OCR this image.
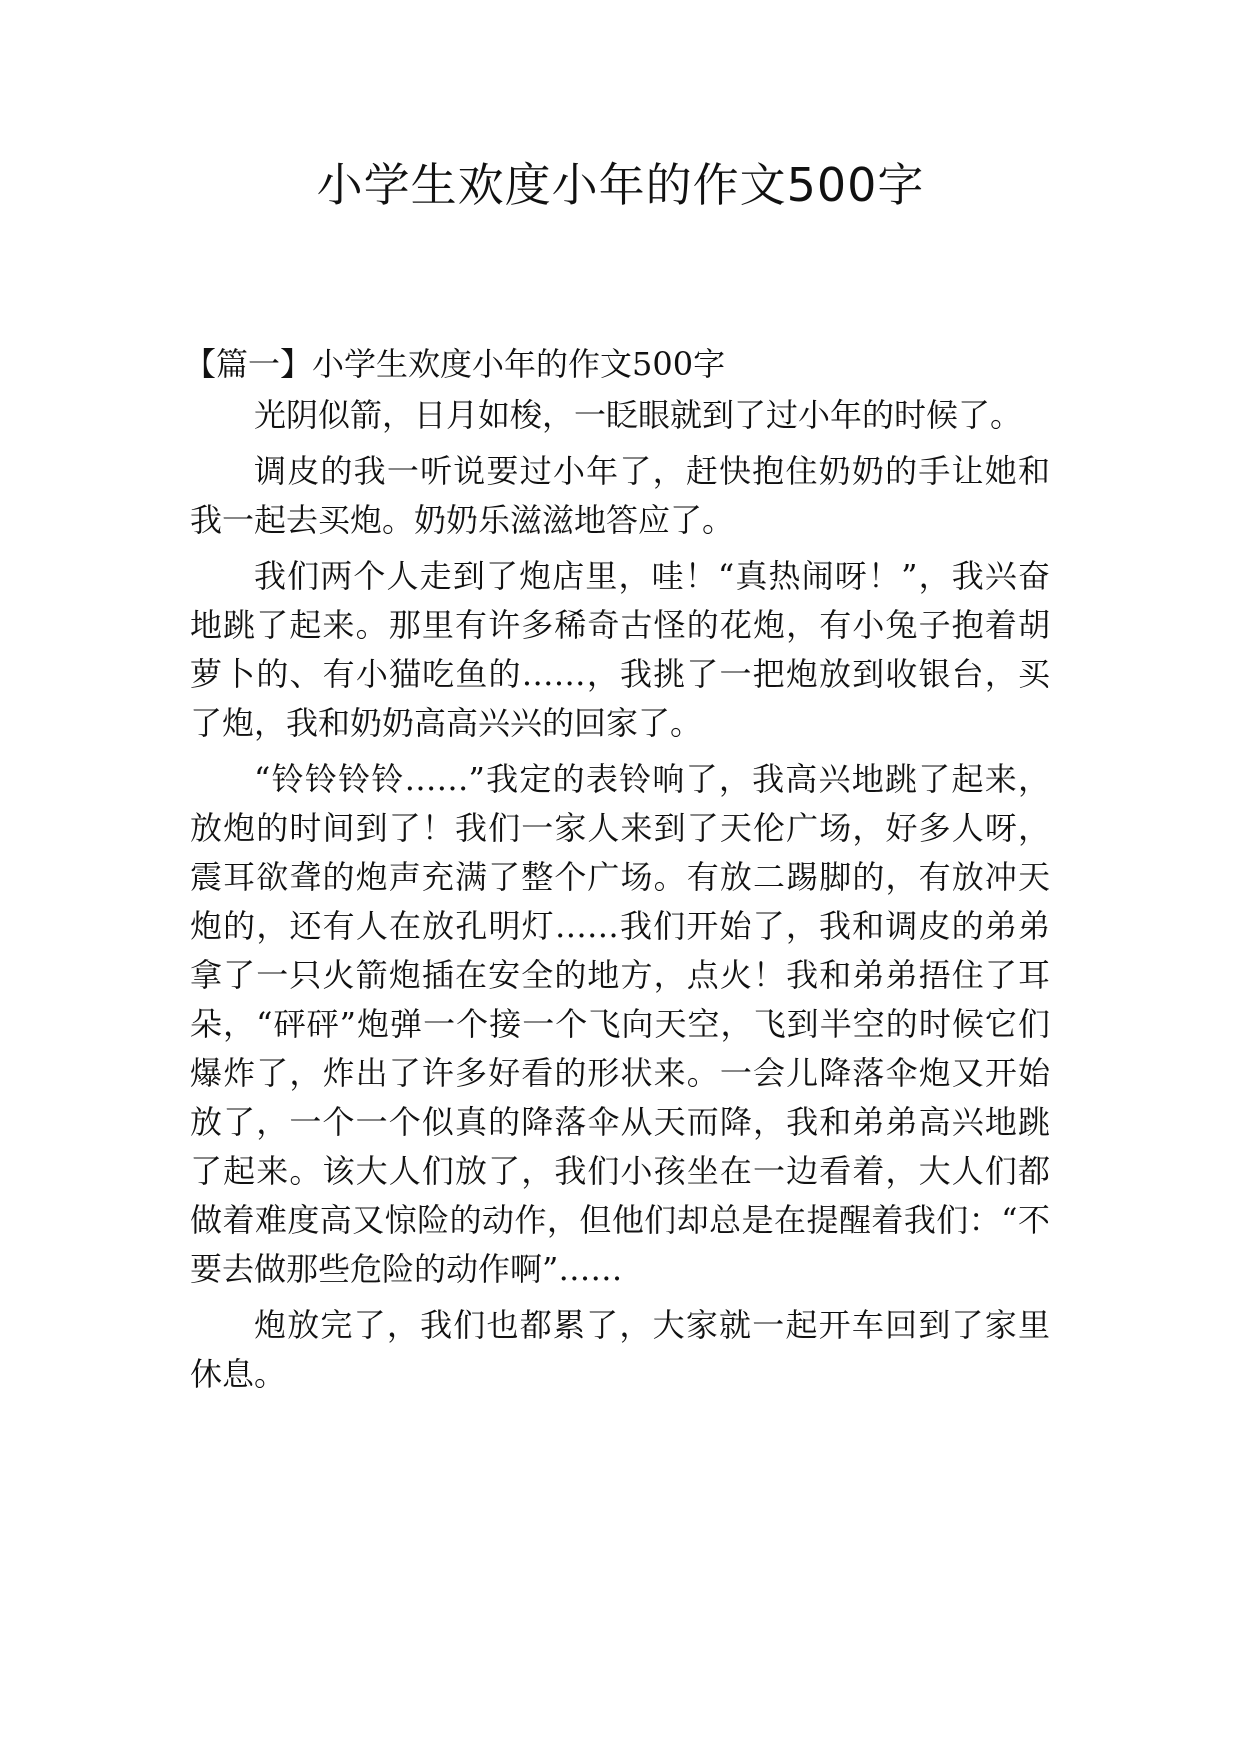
小学生欢度小年的作文500字

【篇一】小学生欢度小年的作文500字

光阴似箭，日月如梭，一眨眼就到了过小年的时候了。

调皮的我一听说要过小年了，赶快抱住奶奶的手让她和我一起去买炮。奶奶乐滋滋地答应了。

我们两个人走到了炮店里，哇！“真热闹呀！”，我兴奋地跳了起来。那里有许多稀奇古怪的花炮，有小兔子抱着胡萝卜的、有小猫吃鱼的……，我挑了一把炮放到收银台，买了炮，我和奶奶高高兴兴的回家了。

“铃铃铃铃……”我定的表铃响了，我高兴地跳了起来，放炮的时间到了！我们一家人来到了天伦广场，好多人呀，震耳欲聋的炮声充满了整个广场。有放二踢脚的，有放冲天炮的，还有人在放孔明灯……我们开始了，我和调皮的弟弟拿了一只火箭炮插在安全的地方，点火！我和弟弟捂住了耳朵，“砰砰”炮弹一个接一个飞向天空，飞到半空的时候它们爆炸了，炸出了许多好看的形状来。一会儿降落伞炮又开始放了，一个一个似真的降落伞从天而降，我和弟弟高兴地跳了起来。该大人们放了，我们小孩坐在一边看着，大人们都做着难度高又惊险的动作，但他们却总是在提醒着我们：“不要去做那些危险的动作啊”……

炮放完了，我们也都累了，大家就一起开车回到了家里休息。
